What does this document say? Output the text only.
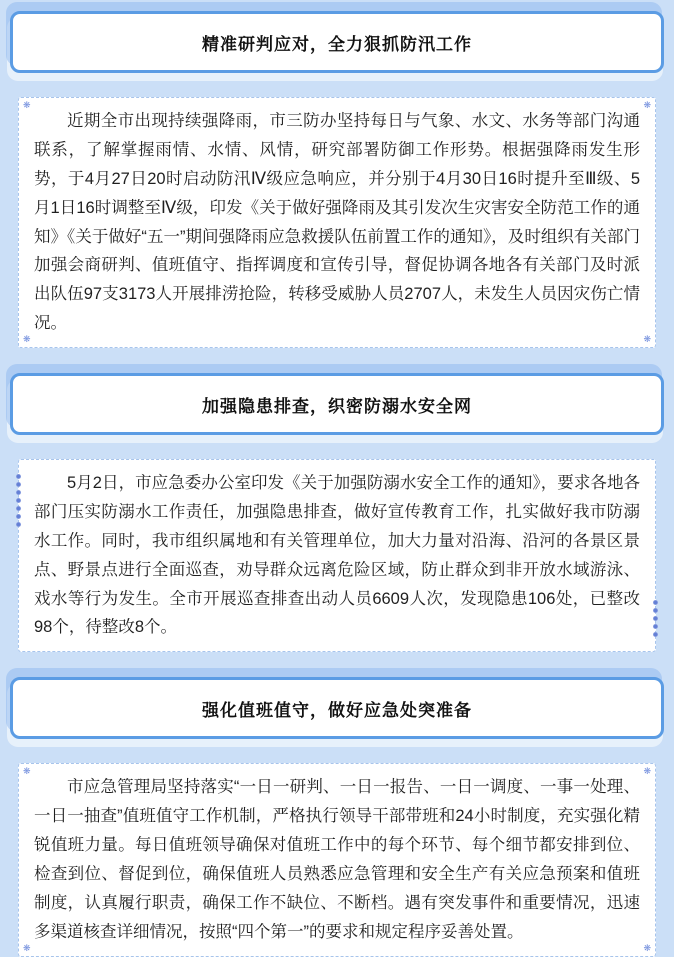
精准研判应对，全力狠抓防汛工作
❋	❋
❋	❋

近期全市出现持续强降雨，市三防办坚持每日与气象、水文、水务等部门沟通联系，了解掌握雨情、水情、风情，研究部署防御工作形势。根据强降雨发生形势，于4月27日20时启动防汛Ⅳ级应急响应，并分别于4月30日16时提升至Ⅲ级、5月1日16时调整至Ⅳ级，印发《关于做好强降雨及其引发次生灾害安全防范工作的通知》《关于做好“五一”期间强降雨应急救援队伍前置工作的通知》，及时组织有关部门加强会商研判、值班值守、指挥调度和宣传引导，督促协调各地各有关部门及时派出队伍97支3173人开展排涝抢险，转移受威胁人员2707人，未发生人员因灾伤亡情况。

加强隐患排查，织密防溺水安全网

5月2日，市应急委办公室印发《关于加强防溺水安全工作的通知》，要求各地各部门压实防溺水工作责任，加强隐患排查，做好宣传教育工作，扎实做好我市防溺水工作。同时，我市组织属地和有关管理单位，加大力量对沿海、沿河的各景区景点、野景点进行全面巡查，劝导群众远离危险区域，防止群众到非开放水域游泳、戏水等行为发生。全市开展巡查排查出动人员6609人次，发现隐患106处，已整改98个，待整改8个。

强化值班值守，做好应急处突准备
❋	❋
❋	❋

市应急管理局坚持落实“一日一研判、一日一报告、一日一调度、一事一处理、一日一抽查”值班值守工作机制，严格执行领导干部带班和24小时制度，充实强化精锐值班力量。每日值班领导确保对值班工作中的每个环节、每个细节都安排到位、检查到位、督促到位，确保值班人员熟悉应急管理和安全生产有关应急预案和值班制度，认真履行职责，确保工作不缺位、不断档。遇有突发事件和重要情况，迅速多渠道核查详细情况，按照“四个第一”的要求和规定程序妥善处置。
